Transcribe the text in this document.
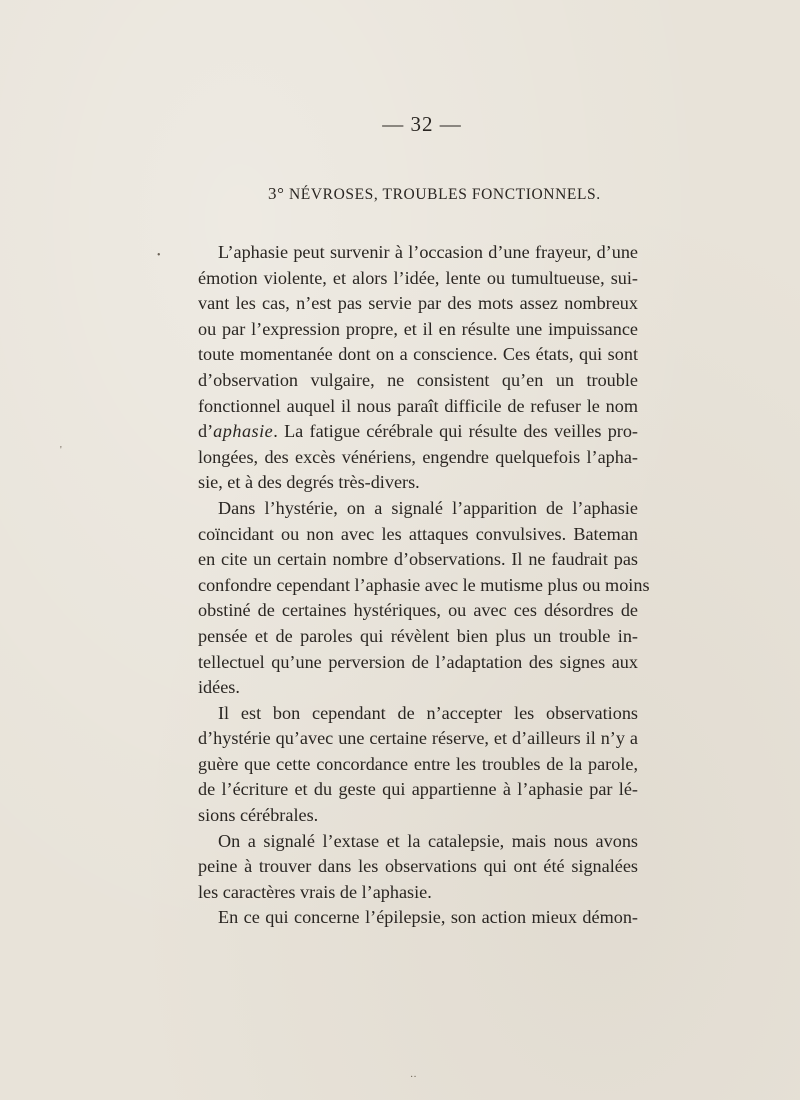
— 32 —
3° NÉVROSES, TROUBLES FONCTIONNELS.
L’aphasie peut survenir à l’occasion d’une frayeur, d’une
émotion violente, et alors l’idée, lente ou tumultueuse, sui-
vant les cas, n’est pas servie par des mots assez nombreux
ou par l’expression propre, et il en résulte une impuissance
toute momentanée dont on a conscience. Ces états, qui sont
d’observation vulgaire, ne consistent qu’en un trouble
fonctionnel auquel il nous paraît difficile de refuser le nom
d’aphasie. La fatigue cérébrale qui résulte des veilles pro-
longées, des excès vénériens, engendre quelquefois l’apha-
sie, et à des degrés très-divers.
Dans l’hystérie, on a signalé l’apparition de l’aphasie
coïncidant ou non avec les attaques convulsives. Bateman
en cite un certain nombre d’observations. Il ne faudrait pas
confondre cependant l’aphasie avec le mutisme plus ou moins
obstiné de certaines hystériques, ou avec ces désordres de
pensée et de paroles qui révèlent bien plus un trouble in-
tellectuel qu’une perversion de l’adaptation des signes aux
idées.
Il est bon cependant de n’accepter les observations
d’hystérie qu’avec une certaine réserve, et d’ailleurs il n’y a
guère que cette concordance entre les troubles de la parole,
de l’écriture et du geste qui appartienne à l’aphasie par lé-
sions cérébrales.
On a signalé l’extase et la catalepsie, mais nous avons
peine à trouver dans les observations qui ont été signalées
les caractères vrais de l’aphasie.
En ce qui concerne l’épilepsie, son action mieux démon-
•
'
··
